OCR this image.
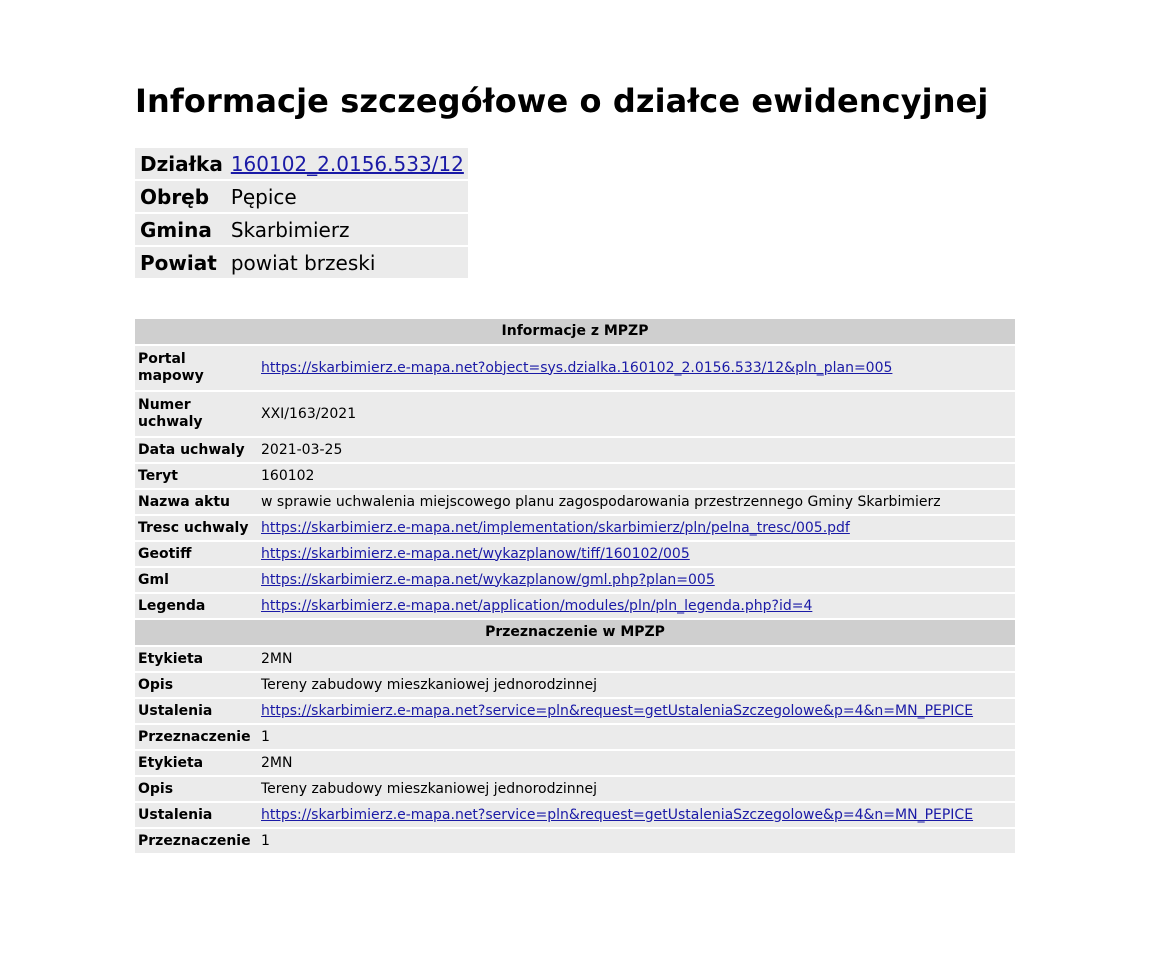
Informacje szczegółowe o działce ewidencyjnej
Działka	160102_2.0156.533/12
Obręb	Pępice
Gmina	Skarbimierz
Powiat	powiat brzeski
Informacje z MPZP	
Portal mapowy	https://skarbimierz.e-mapa.net?object=sys.dzialka.160102_2.0156.533/12&pln_plan=005
Numer uchwaly	XXI/163/2021
Data uchwaly	2021-03-25
Teryt	160102
Nazwa aktu	w sprawie uchwalenia miejscowego planu zagospodarowania przestrzennego Gminy Skarbimierz
Tresc uchwaly	https://skarbimierz.e-mapa.net/implementation/skarbimierz/pln/pelna_tresc/005.pdf
Geotiff	https://skarbimierz.e-mapa.net/wykazplanow/tiff/160102/005
Gml	https://skarbimierz.e-mapa.net/wykazplanow/gml.php?plan=005
Legenda	https://skarbimierz.e-mapa.net/application/modules/pln/pln_legenda.php?id=4
Przeznaczenie w MPZP	
Etykieta	2MN
Opis	Tereny zabudowy mieszkaniowej jednorodzinnej
Ustalenia	https://skarbimierz.e-mapa.net?service=pln&request=getUstaleniaSzczegolowe&p=4&n=MN_PEPICE
Przeznaczenie	1
Etykieta	2MN
Opis	Tereny zabudowy mieszkaniowej jednorodzinnej
Ustalenia	https://skarbimierz.e-mapa.net?service=pln&request=getUstaleniaSzczegolowe&p=4&n=MN_PEPICE
Przeznaczenie	1
